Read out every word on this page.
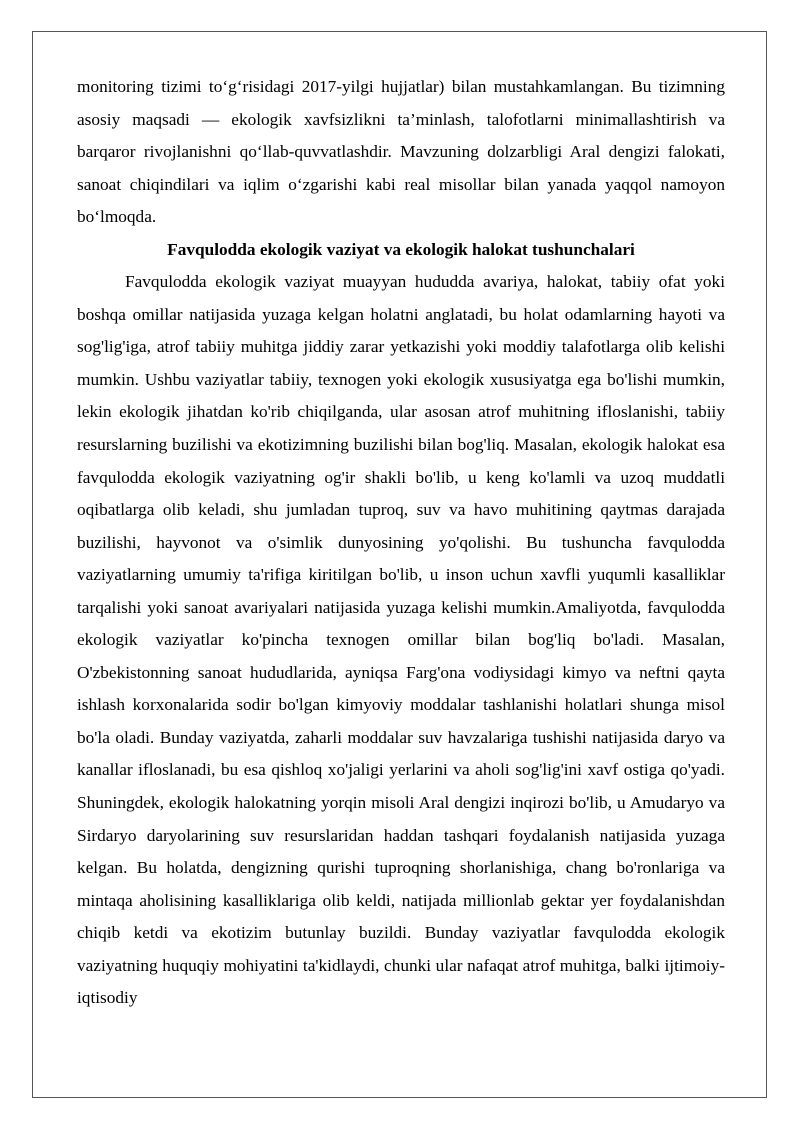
monitoring tizimi to‘g‘risidagi 2017-yilgi hujjatlar) bilan mustahkamlangan. Bu tizimning asosiy maqsadi — ekologik xavfsizlikni ta’minlash, talofotlarni minimallashtirish va barqaror rivojlanishni qo‘llab-quvvatlashdir. Mavzuning dolzarbligi Aral dengizi falokati, sanoat chiqindilari va iqlim o‘zgarishi kabi real misollar bilan yanada yaqqol namoyon bo‘lmoqda.

Favqulodda ekologik vaziyat va ekologik halokat tushunchalari

Favqulodda ekologik vaziyat muayyan hududda avariya, halokat, tabiiy ofat yoki boshqa omillar natijasida yuzaga kelgan holatni anglatadi, bu holat odamlarning hayoti va sog'lig'iga, atrof tabiiy muhitga jiddiy zarar yetkazishi yoki moddiy talafotlarga olib kelishi mumkin. Ushbu vaziyatlar tabiiy, texnogen yoki ekologik xususiyatga ega bo'lishi mumkin, lekin ekologik jihatdan ko'rib chiqilganda, ular asosan atrof muhitning ifloslanishi, tabiiy resurslarning buzilishi va ekotizimning buzilishi bilan bog'liq. Masalan, ekologik halokat esa favqulodda ekologik vaziyatning og'ir shakli bo'lib, u keng ko'lamli va uzoq muddatli oqibatlarga olib keladi, shu jumladan tuproq, suv va havo muhitining qaytmas darajada buzilishi, hayvonot va o'simlik dunyosining yo'qolishi. Bu tushuncha favqulodda vaziyatlarning umumiy ta'rifiga kiritilgan bo'lib, u inson uchun xavfli yuqumli kasalliklar tarqalishi yoki sanoat avariyalari natijasida yuzaga kelishi mumkin.Amaliyotda, favqulodda ekologik vaziyatlar ko'pincha texnogen omillar bilan bog'liq bo'ladi. Masalan, O'zbekistonning sanoat hududlarida, ayniqsa Farg'ona vodiysidagi kimyo va neftni qayta ishlash korxonalarida sodir bo'lgan kimyoviy moddalar tashlanishi holatlari shunga misol bo'la oladi. Bunday vaziyatda, zaharli moddalar suv havzalariga tushishi natijasida daryo va kanallar ifloslanadi, bu esa qishloq xo'jaligi yerlarini va aholi sog'lig'ini xavf ostiga qo'yadi. Shuningdek, ekologik halokatning yorqin misoli Aral dengizi inqirozi bo'lib, u Amudaryo va Sirdaryo daryolarining suv resurslaridan haddan tashqari foydalanish natijasida yuzaga kelgan. Bu holatda, dengizning qurishi tuproqning shorlanishiga, chang bo'ronlariga va mintaqa aholisining kasalliklariga olib keldi, natijada millionlab gektar yer foydalanishdan chiqib ketdi va ekotizim butunlay buzildi. Bunday vaziyatlar favqulodda ekologik vaziyatning huquqiy mohiyatini ta'kidlaydi, chunki ular nafaqat atrof muhitga, balki ijtimoiy-iqtisodiy
